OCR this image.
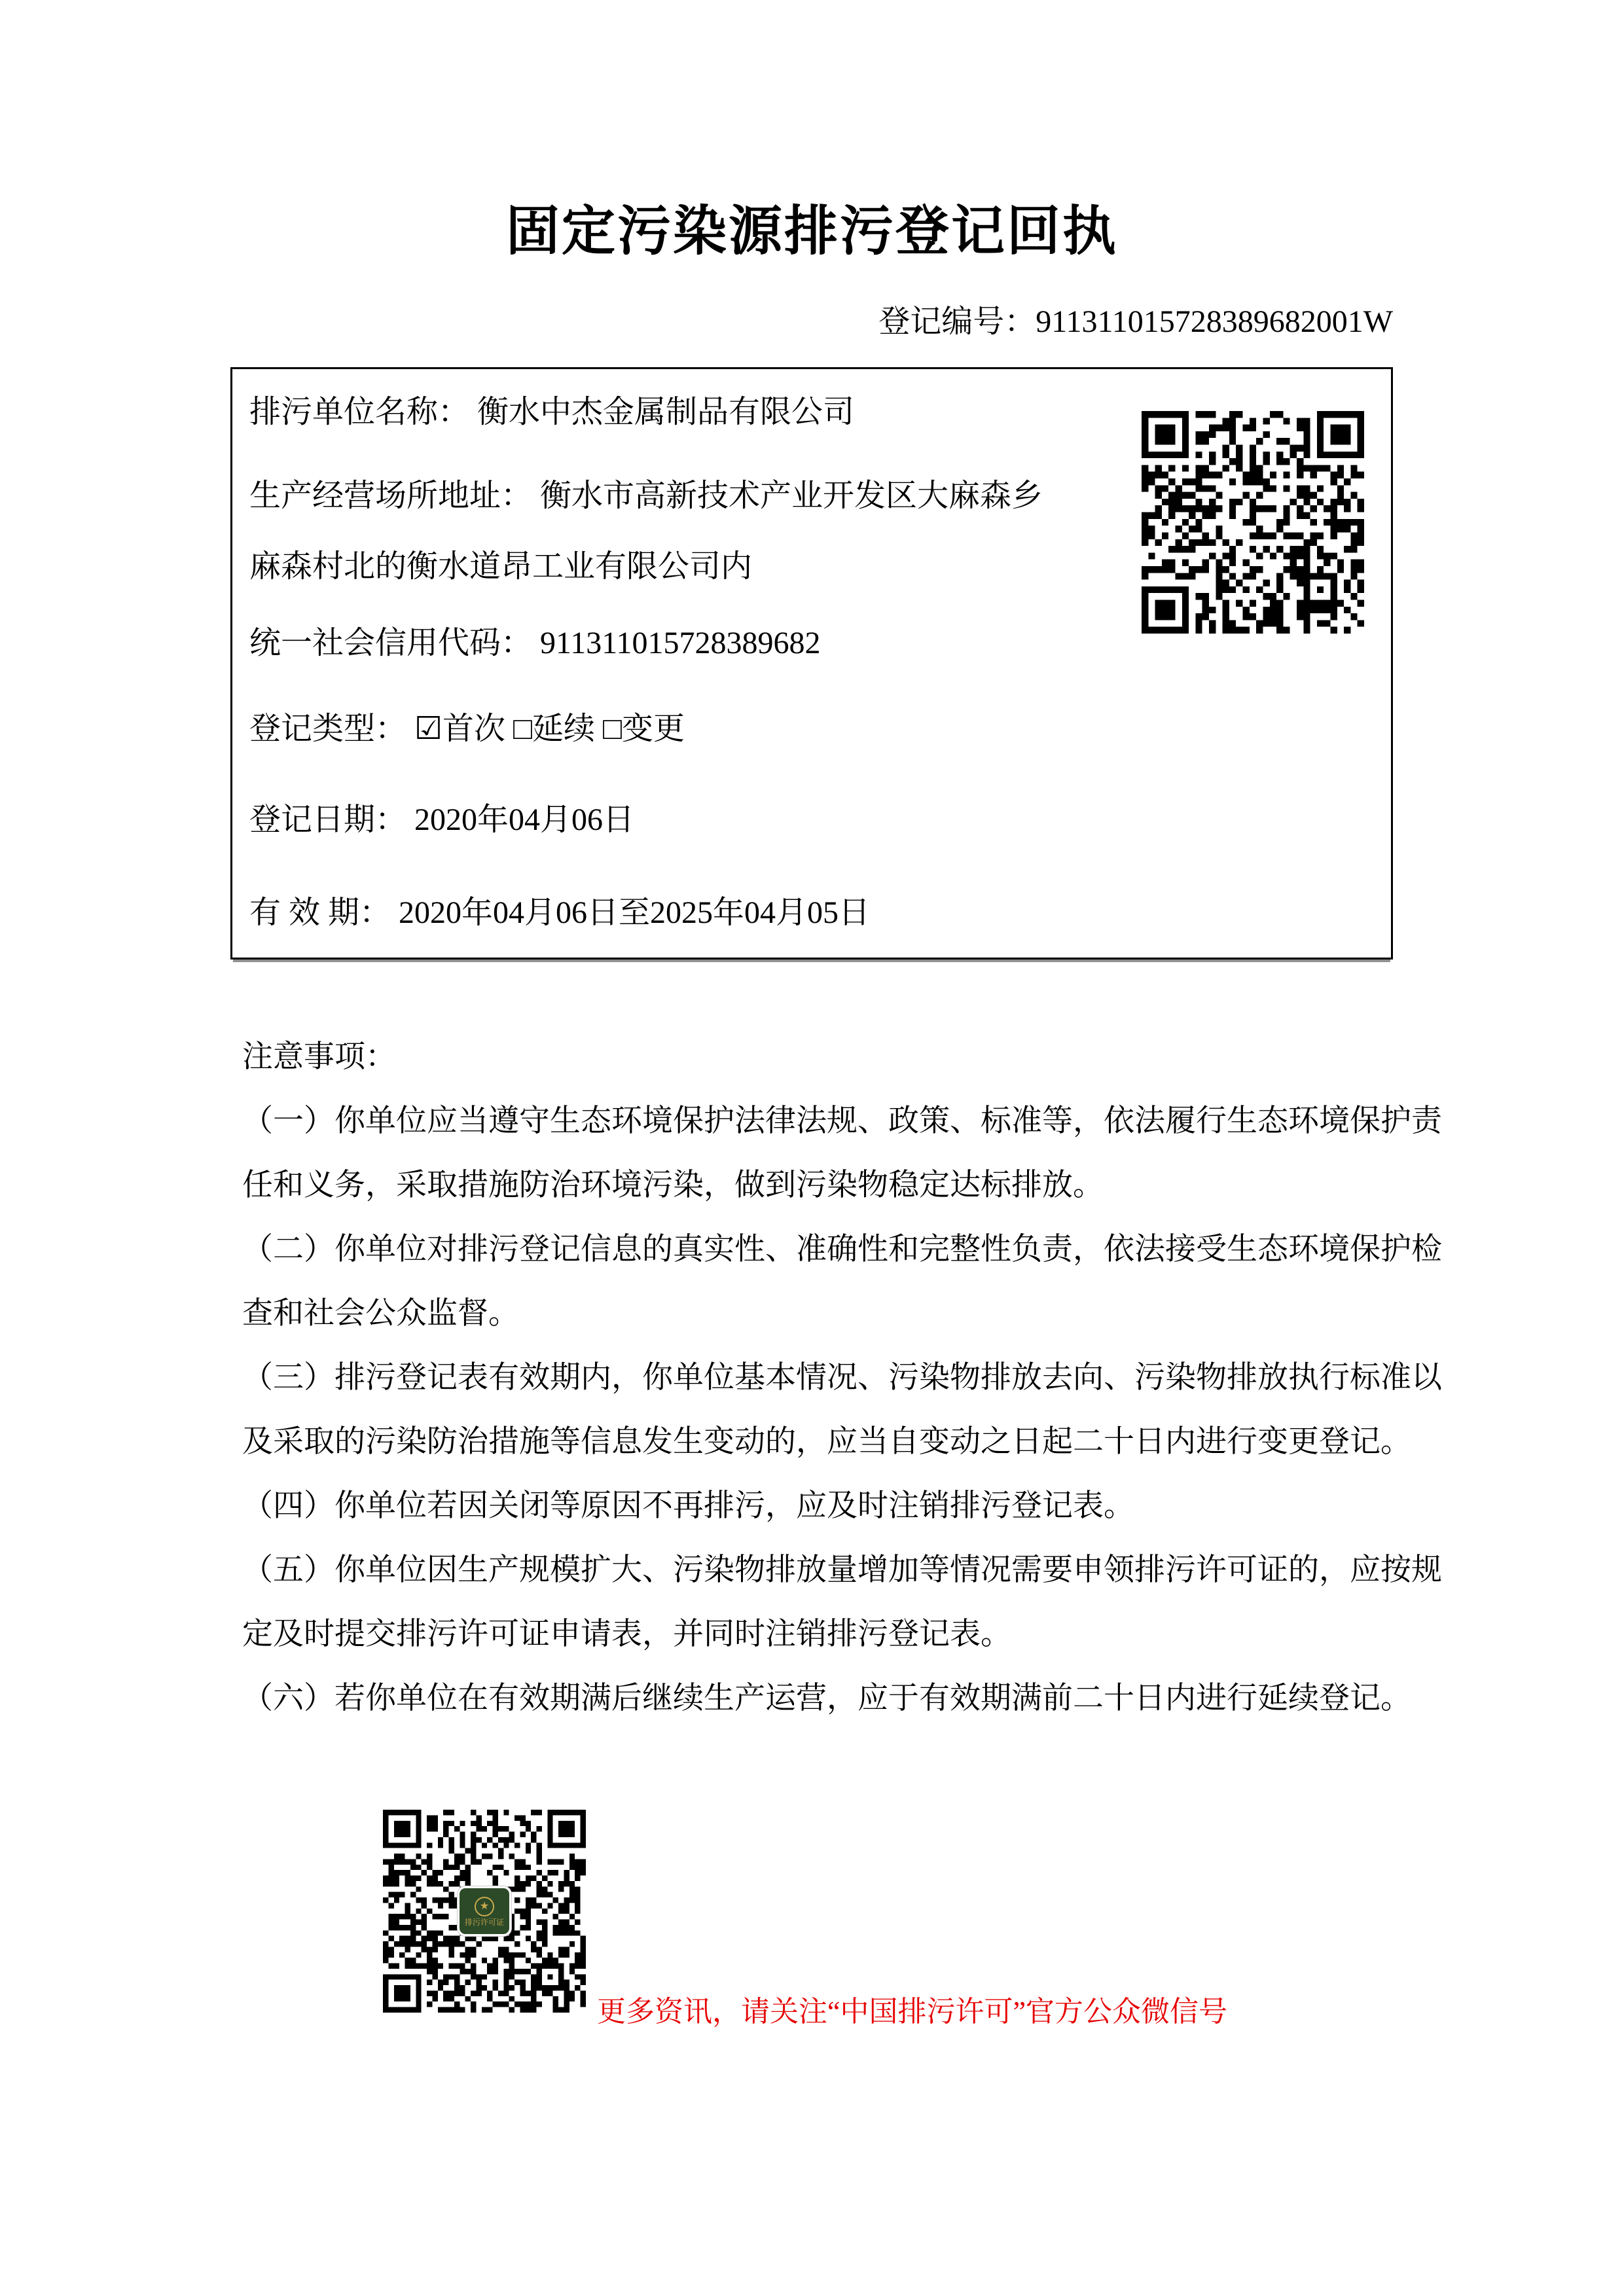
固定污染源排污登记回执
登记编号：911311015728389682001W
排污单位名称： 衡水中杰金属制品有限公司
生产经营场所地址： 衡水市高新技术产业开发区大麻森乡
麻森村北的衡水道昂工业有限公司内
统一社会信用代码： 911311015728389682
登记类型： ☑首次 □延续 □变更
登记日期： 2020年04月06日
有 效 期： 2020年04月06日至2025年04月05日
注意事项：
（一）你单位应当遵守生态环境保护法律法规、政策、标准等，依法履行生态环境保护责
任和义务，采取措施防治环境污染，做到污染物稳定达标排放。
（二）你单位对排污登记信息的真实性、准确性和完整性负责，依法接受生态环境保护检
查和社会公众监督。
（三）排污登记表有效期内，你单位基本情况、污染物排放去向、污染物排放执行标准以
及采取的污染防治措施等信息发生变动的，应当自变动之日起二十日内进行变更登记。
（四）你单位若因关闭等原因不再排污，应及时注销排污登记表。
（五）你单位因生产规模扩大、污染物排放量增加等情况需要申领排污许可证的，应按规
定及时提交排污许可证申请表，并同时注销排污登记表。
（六）若你单位在有效期满后继续生产运营，应于有效期满前二十日内进行延续登记。
★
排污许可证
更多资讯，请关注“中国排污许可”官方公众微信号
